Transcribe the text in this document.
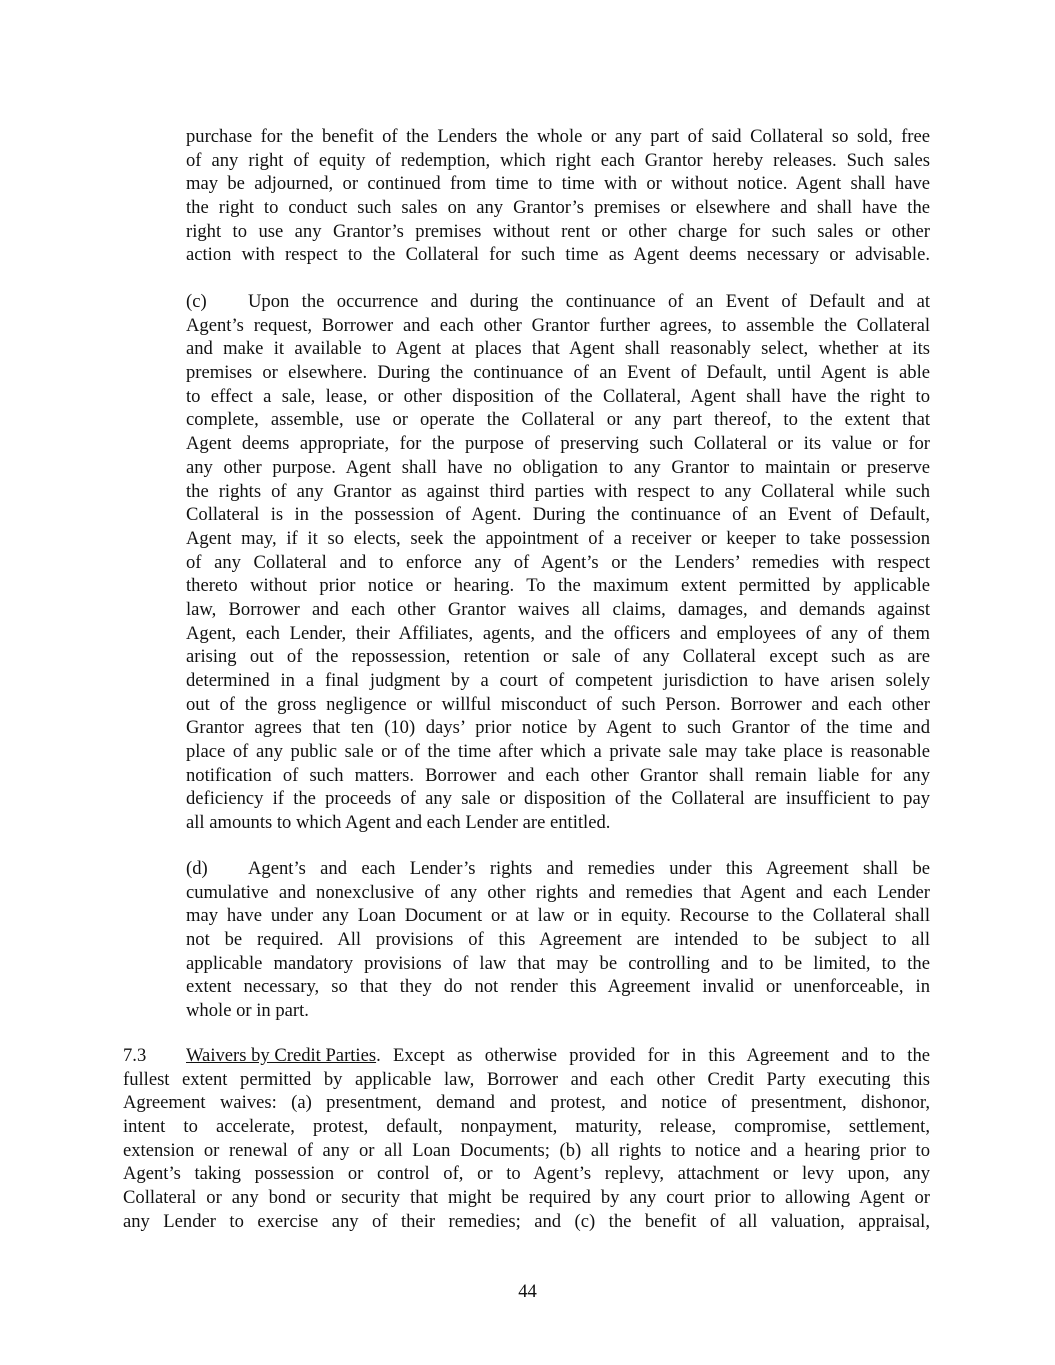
purchase for the benefit of the Lenders the whole or any part of said Collateral so sold, free
of any right of equity of redemption, which right each Grantor hereby releases. Such sales
may be adjourned, or continued from time to time with or without notice. Agent shall have
the right to conduct such sales on any Grantor’s premises or elsewhere and shall have the
right to use any Grantor’s premises without rent or other charge for such sales or other
action with respect to the Collateral for such time as Agent deems necessary or advisable.
(c)	Upon the occurrence and during the continuance of an Event of Default and at
Agent’s request, Borrower and each other Grantor further agrees, to assemble the Collateral
and make it available to Agent at places that Agent shall reasonably select, whether at its
premises or elsewhere. During the continuance of an Event of Default, until Agent is able
to effect a sale, lease, or other disposition of the Collateral, Agent shall have the right to
complete, assemble, use or operate the Collateral or any part thereof, to the extent that
Agent deems appropriate, for the purpose of preserving such Collateral or its value or for
any other purpose. Agent shall have no obligation to any Grantor to maintain or preserve
the rights of any Grantor as against third parties with respect to any Collateral while such
Collateral is in the possession of Agent. During the continuance of an Event of Default,
Agent may, if it so elects, seek the appointment of a receiver or keeper to take possession
of any Collateral and to enforce any of Agent’s or the Lenders’ remedies with respect
thereto without prior notice or hearing. To the maximum extent permitted by applicable
law, Borrower and each other Grantor waives all claims, damages, and demands against
Agent, each Lender, their Affiliates, agents, and the officers and employees of any of them
arising out of the repossession, retention or sale of any Collateral except such as are
determined in a final judgment by a court of competent jurisdiction to have arisen solely
out of the gross negligence or willful misconduct of such Person. Borrower and each other
Grantor agrees that ten (10) days’ prior notice by Agent to such Grantor of the time and
place of any public sale or of the time after which a private sale may take place is reasonable
notification of such matters. Borrower and each other Grantor shall remain liable for any
deficiency if the proceeds of any sale or disposition of the Collateral are insufficient to pay
all amounts to which Agent and each Lender are entitled.
(d)	Agent’s and each Lender’s rights and remedies under this Agreement shall be
cumulative and nonexclusive of any other rights and remedies that Agent and each Lender
may have under any Loan Document or at law or in equity. Recourse to the Collateral shall
not be required. All provisions of this Agreement are intended to be subject to all
applicable mandatory provisions of law that may be controlling and to be limited, to the
extent necessary, so that they do not render this Agreement invalid or unenforceable, in
whole or in part.
7.3	Waivers by Credit Parties . Except as otherwise provided for in this Agreement and to the
fullest extent permitted by applicable law, Borrower and each other Credit Party executing this
Agreement waives: (a) presentment, demand and protest, and notice of presentment, dishonor,
intent to accelerate, protest, default, nonpayment, maturity, release, compromise, settlement,
extension or renewal of any or all Loan Documents; (b) all rights to notice and a hearing prior to
Agent’s taking possession or control of, or to Agent’s replevy, attachment or levy upon, any
Collateral or any bond or security that might be required by any court prior to allowing Agent or
any Lender to exercise any of their remedies; and (c) the benefit of all valuation, appraisal,
44
